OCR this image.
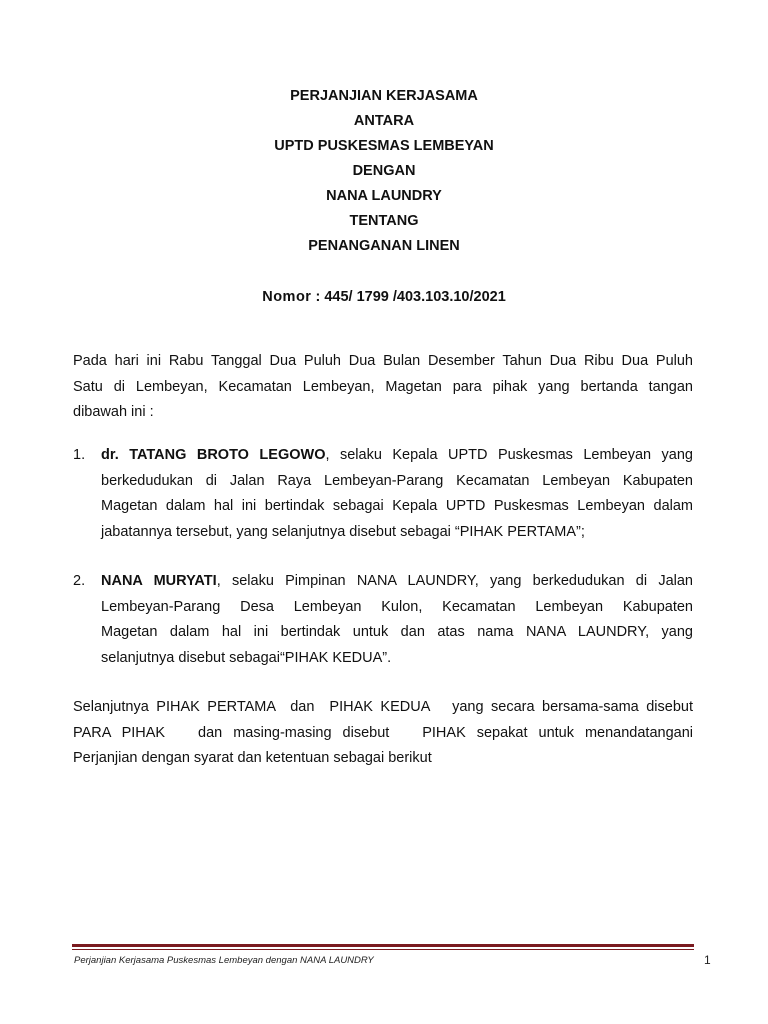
PERJANJIAN KERJASAMA
ANTARA
UPTD PUSKESMAS LEMBEYAN
DENGAN
NANA LAUNDRY
TENTANG
PENANGANAN LINEN
Nomor : 445/ 1799 /403.103.10/2021
Pada hari ini Rabu Tanggal Dua Puluh Dua Bulan Desember Tahun Dua Ribu Dua Puluh
Satu di Lembeyan, Kecamatan Lembeyan, Magetan para pihak yang bertanda tangan
dibawah ini :
1. dr. TATANG BROTO LEGOWO, selaku Kepala UPTD Puskesmas Lembeyan yang
berkedudukan di Jalan Raya Lembeyan-Parang Kecamatan Lembeyan Kabupaten
Magetan dalam hal ini bertindak sebagai Kepala UPTD Puskesmas Lembeyan dalam
jabatannya tersebut, yang selanjutnya disebut sebagai “PIHAK PERTAMA”;
2. NANA MURYATI, selaku Pimpinan NANA LAUNDRY, yang berkedudukan di Jalan
Lembeyan-Parang Desa Lembeyan Kulon, Kecamatan Lembeyan Kabupaten
Magetan dalam hal ini bertindak untuk dan atas nama NANA LAUNDRY, yang
selanjutnya disebut sebagai“PIHAK KEDUA”.
Selanjutnya PIHAK PERTAMA  dan  PIHAK KEDUA   yang secara bersama-sama disebut
PARA PIHAK   dan masing-masing disebut   PIHAK sepakat untuk menandatangani
Perjanjian dengan syarat dan ketentuan sebagai berikut
Perjanjian Kerjasama Puskesmas Lembeyan dengan NANA LAUNDRY	1
